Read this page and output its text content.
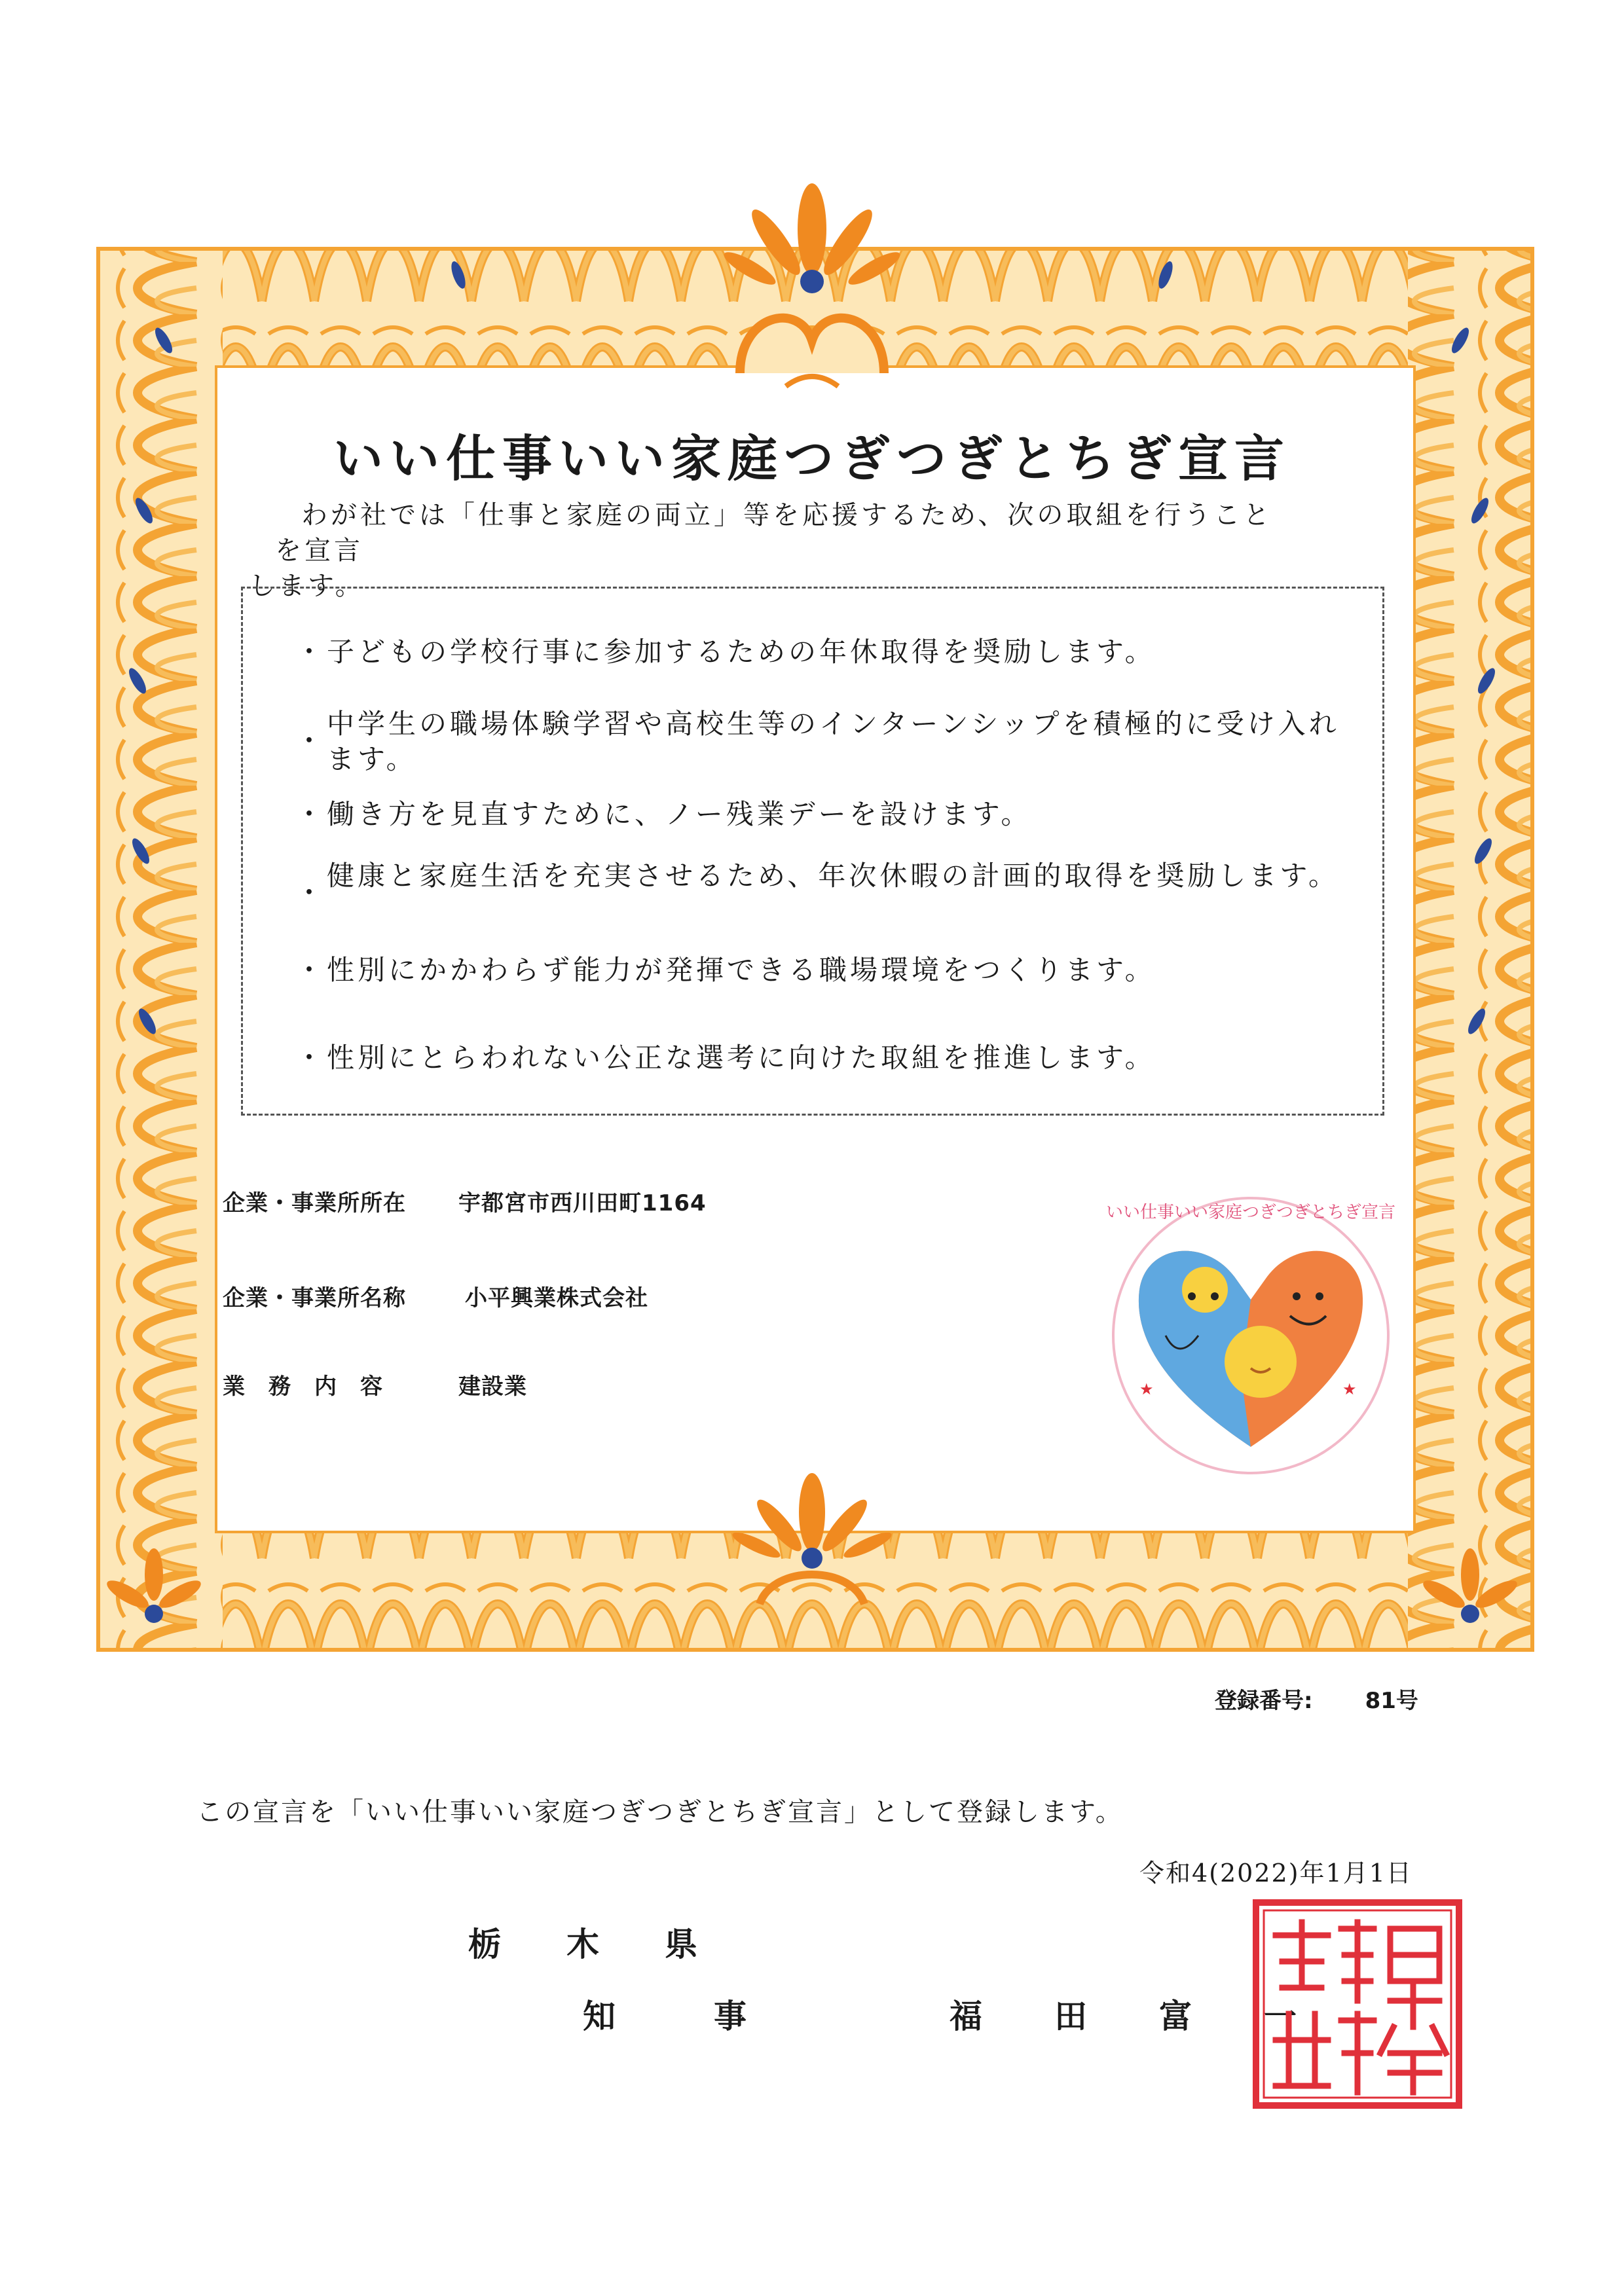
いい仕事いい家庭つぎつぎとちぎ宣言
わが社では「仕事と家庭の両立」等を応援するため、次の取組を行うことを宣言
します。
・ 子どもの学校行事に参加するための年休取得を奨励します。
・
中学生の職場体験学習や高校生等のインターンシップを積極的に受け入れます。
・ 働き方を見直すために、ノー残業デーを設けます。
・
健康と家庭生活を充実させるため、年次休暇の計画的取得を奨励します。
・ 性別にかかわらず能力が発揮できる職場環境をつくります。
・ 性別にとらわれない公正な選考に向けた取組を推進します。
企業・事業所所在 宇都宮市西川田町1164
企業・事業所名称	小平興業株式会社
業　務　内　容	建設業	★	★
いい仕事いい家庭つぎつぎとちぎ宣言
登録番号: 81号
この宣言を「いい仕事いい家庭つぎつぎとちぎ宣言」として登録します。
令和4(2022)年1月1日
栃木県
知事	福田富一
